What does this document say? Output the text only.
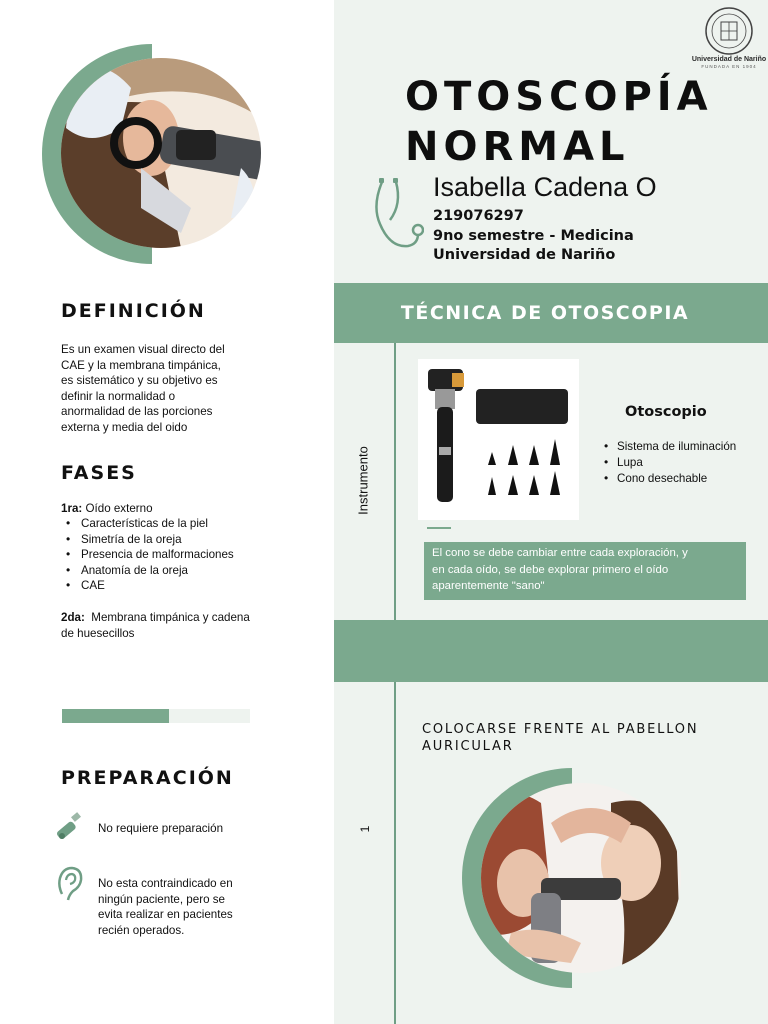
Universidad de Nariño
FUNDADA EN 1904
OTOSCOPÍA
NORMAL
Isabella Cadena O
219076297
9no semestre - Medicina
Universidad de Nariño
DEFINICIÓN
Es un examen visual directo del
CAE y la membrana timpánica,
es sistemático y su objetivo es
definir la normalidad o
anormalidad de las porciones
externa y media del oido
FASES
1ra: Oído externo
• Características de la piel
• Simetría de la oreja
• Presencia de malformaciones
• Anatomía de la oreja
• CAE
2da:  Membrana timpánica y cadena
de huesecillos
PREPARACIÓN
No requiere preparación
No esta contraindicado en
ningún paciente, pero se
evita realizar en pacientes
recién operados.
TÉCNICA DE OTOSCOPIA
Instrumento
Otoscopio
• Sistema de iluminación
• Lupa
• Cono desechable
El cono se debe cambiar entre cada exploración, y
en cada oído, se debe explorar primero el oído
aparentemente "sano"
COLOCARSE FRENTE AL PABELLON
AURICULAR
1
